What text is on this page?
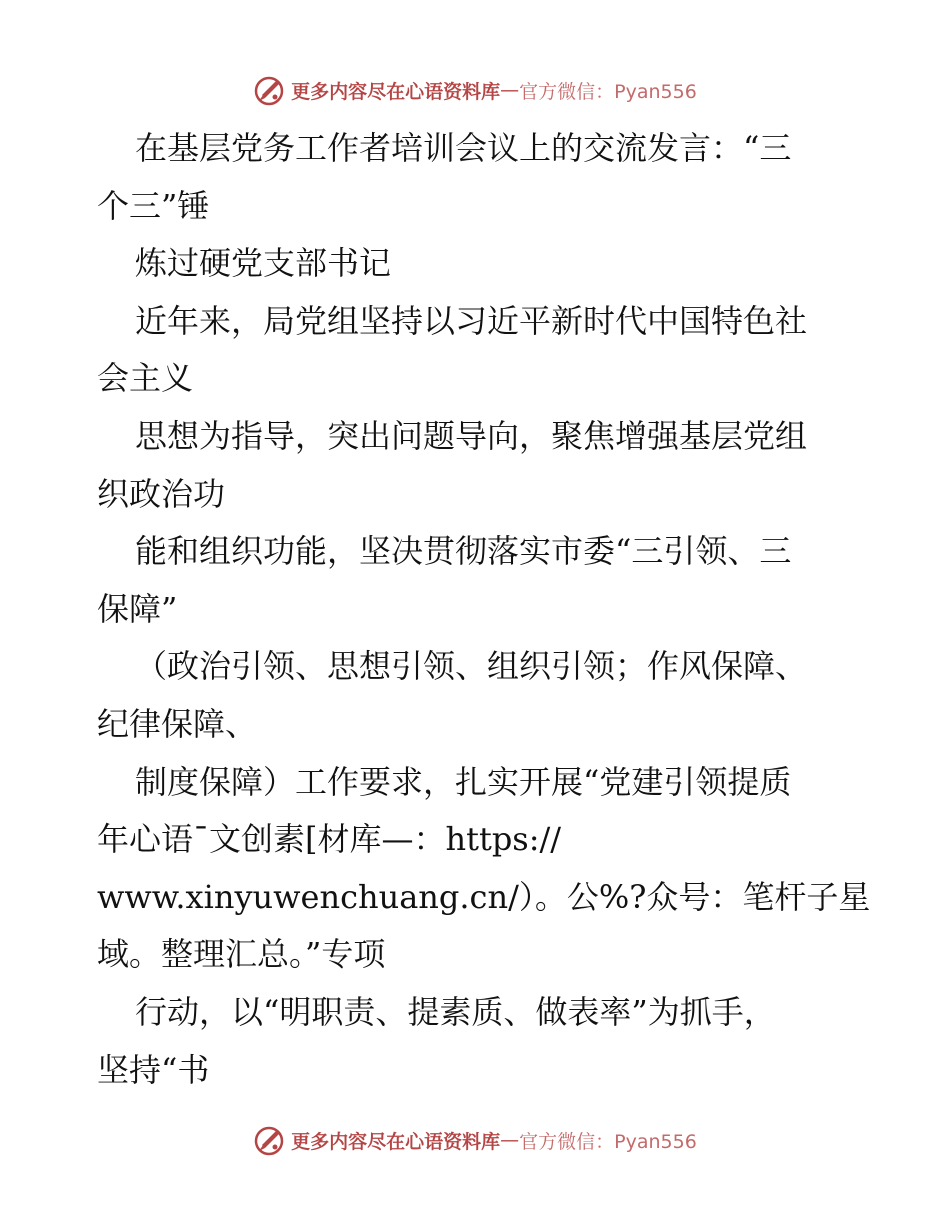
更多内容尽在心语资料库 — 官方微信：Pyan556
在基层党务工作者培训会议上的交流发言：“三
个三”锤
炼过硬党支部书记
近年来，局党组坚持以习近平新时代中国特色社
会主义
思想为指导，突出问题导向，聚焦增强基层党组
织政治功
能和组织功能，坚决贯彻落实市委“三引领、三
保障”
（政治引领、思想引领、组织引领；作风保障、
纪律保障、
制度保障）工作要求，扎实开展“党建引领提质
年心语¯文创素[材库—：https://
www.xinyuwenchuang.cn/）。公%?众号：笔杆子星
域。整理汇总。”专项
行动，以“明职责、提素质、做表率”为抓手，
坚持“书
更多内容尽在心语资料库 — 官方微信：Pyan556
